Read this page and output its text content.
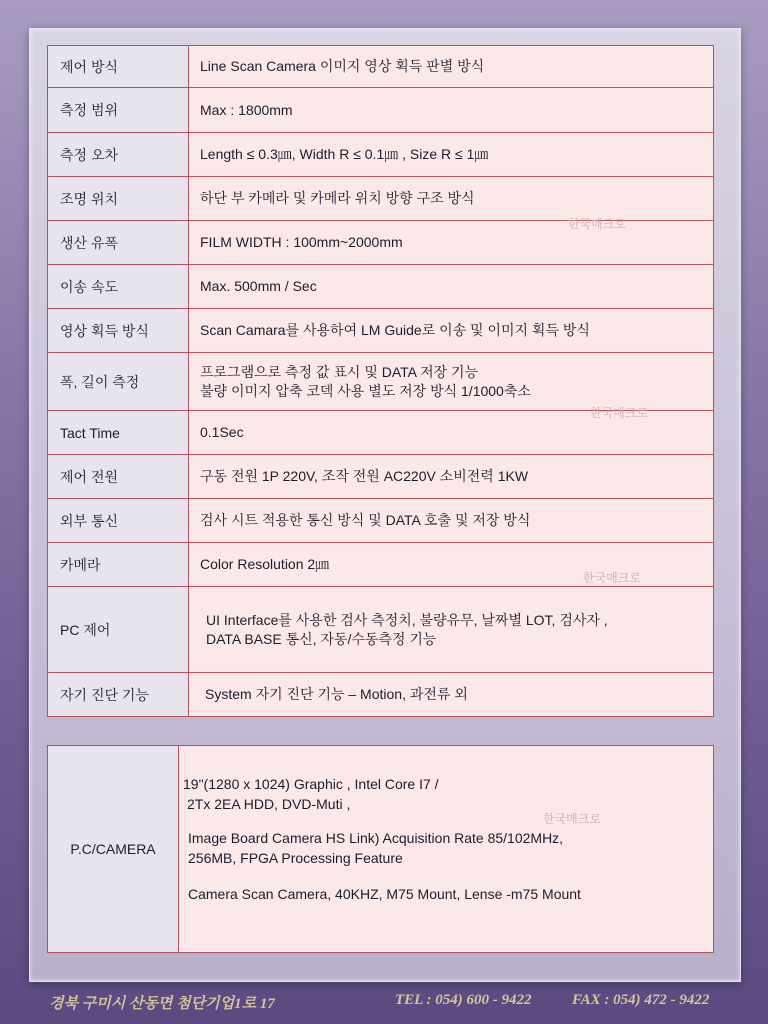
제어 방식	Line Scan Camera 이미지 영상 획득 판별 방식

측정 범위	Max : 1800mm

측정 오차	Length ≤ 0.3㎛, Width R ≤ 0.1㎛ , Size R ≤ 1㎛

조명 위치	하단 부 카메라 및 카메라 위치 방향 구조 방식

생산 유폭	FILM WIDTH : 100mm~2000mm

이송 속도	Max. 500mm / Sec

영상 획득 방식	Scan Camara를 사용하여 LM Guide로 이송 및 이미지 획득 방식

폭, 길이 측정	프로그램으로 측정 값 표시 및 DATA 저장 기능
불량 이미지 압축 코덱 사용 별도 저장 방식 1/1000축소

Tact Time	0.1Sec

제어 전원	구동 전원 1P 220V, 조작 전원 AC220V 소비전력 1KW

외부 통신	검사 시트 적용한 통신 방식 및 DATA 호출 및 저장 방식

카메라	Color Resolution 2㎛

PC 제어	UI Interface를 사용한 검사 측정치, 불량유무, 날짜별 LOT, 검사자 ,
DATA BASE 통신, 자동/수동측정 기능

자기 진단 기능	System 자기 진단 기능 – Motion, 과전류 외
한국매크로
한국매크로
한국매크로
P.C/CAMERA	
19"(1280 x 1024) Graphic , Intel Core I7 /
2Tx 2EA HDD, DVD-Muti ,
Image Board Camera HS Link) Acquisition Rate 85/102MHz,
256MB, FPGA Processing Feature
Camera Scan Camera, 40KHZ, M75 Mount, Lense -m75 Mount
한국매크로
경북 구미시 산동면 첨단기업1로 17	TEL : 054) 600 - 9422	FAX : 054) 472 - 9422
